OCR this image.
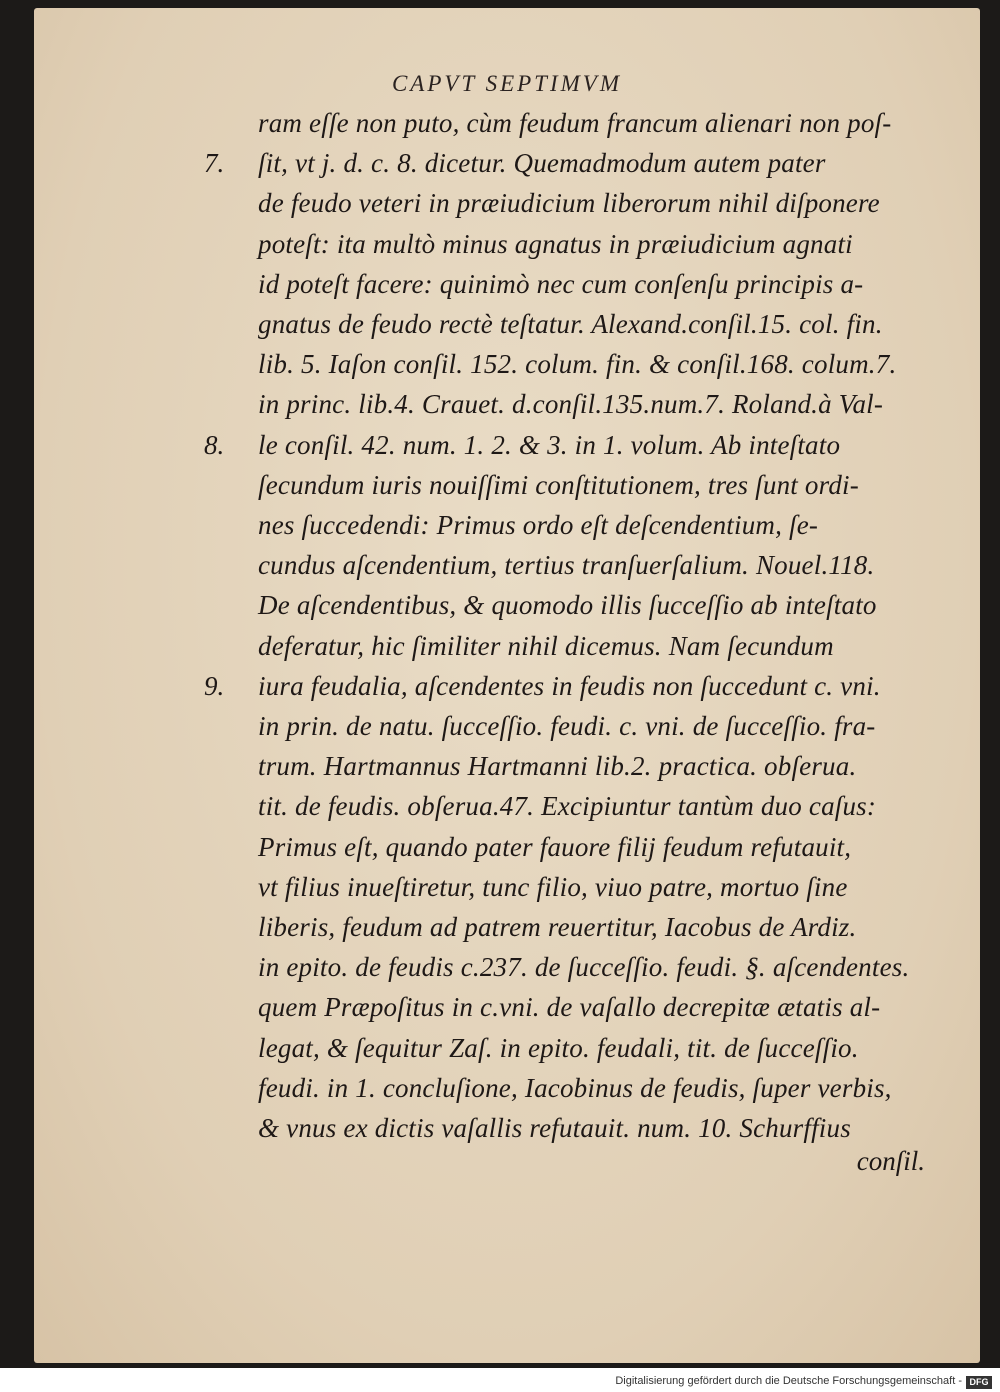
CAPVT SEPTIMVM
ram eſſe non puto, cùm feudum francum alienari non poſ-
ſit, vt j. d. c. 8. dicetur. Quemadmodum autem pater
de feudo veteri in præiudicium liberorum nihil diſponere
poteſt: ita multò minus agnatus in præiudicium agnati
id poteſt facere: quinimò nec cum conſenſu principis a-
gnatus de feudo rectè teſtatur. Alexand.conſil.15. col. fin.
lib. 5. Iaſon conſil. 152. colum. fin. & conſil.168. colum.7.
in princ. lib.4. Crauet. d.conſil.135.num.7. Roland.à Val-
le conſil. 42. num. 1. 2. & 3. in 1. volum. Ab inteſtato
ſecundum iuris nouiſſimi conſtitutionem, tres ſunt ordi-
nes ſuccedendi: Primus ordo eſt deſcendentium, ſe-
cundus aſcendentium, tertius tranſuerſalium. Nouel.118.
De aſcendentibus, & quomodo illis ſucceſſio ab inteſtato
deferatur, hic ſimiliter nihil dicemus. Nam ſecundum
iura feudalia, aſcendentes in feudis non ſuccedunt c. vni.
in prin. de natu. ſucceſſio. feudi. c. vni. de ſucceſſio. fra-
trum. Hartmannus Hartmanni lib.2. practica. obſerua.
tit. de feudis. obſerua.47. Excipiuntur tantùm duo caſus:
Primus eſt, quando pater fauore filij feudum refutauit,
vt filius inueſtiretur, tunc filio, viuo patre, mortuo ſine
liberis, feudum ad patrem reuertitur, Iacobus de Ardiz.
in epito. de feudis c.237. de ſucceſſio. feudi. §. aſcendentes.
quem Præpoſitus in c.vni. de vaſallo decrepitæ ætatis al-
legat, & ſequitur Zaſ. in epito. feudali, tit. de ſucceſſio.
feudi. in 1. concluſione, Iacobinus de feudis, ſuper verbis,
& vnus ex dictis vaſallis refutauit. num. 10. Schurffius
7.
8.
9.
conſil.
Digitalisierung gefördert durch die Deutsche Forschungsgemeinschaft - DFG
